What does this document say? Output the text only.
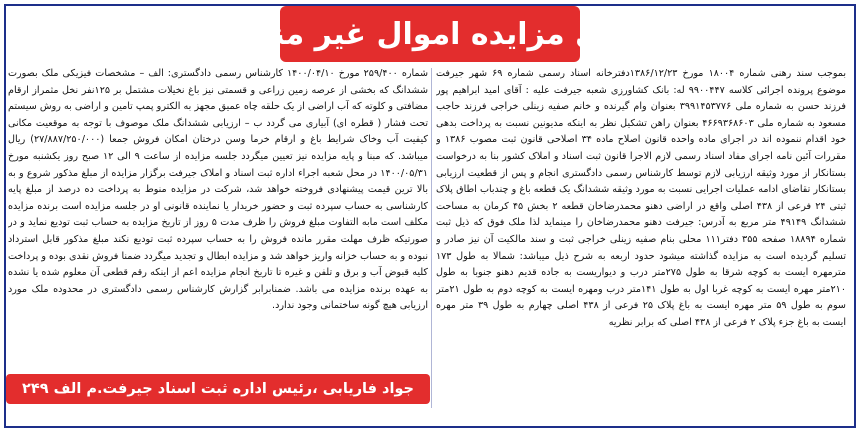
اگهی مزایده اموال غیر منقول
بموجب سند رهنی شماره ۱۸۰۰۴ مورخ ۱۳۸۶/۱۲/۲۳دفترخانه اسناد رسمی شماره ۶۹ شهر جیرفت موضوع پرونده اجرائی کلاسه ۹۹۰۰۴۴۷ له: بانک کشاورزی شعبه جیرفت علیه : آقای امید ابراهیم پور فرزند حسن به شماره ملی ۳۹۹۱۴۵۳۷۷۶ بعنوان وام گیرنده و خانم صفیه زینلی خراجی فرزند حاجب مسعود به شماره ملی ۴۶۶۹۳۶۸۶۰۳ بعنوان راهن تشکیل نظر به اینکه مدیونین نسبت به پرداخت بدهی خود اقدام ننموده اند در اجرای ماده واحده قانون اصلاح ماده ۳۴ اصلاحی قانون ثبت مصوب ۱۳۸۶ و مقررات آئین نامه اجرای مفاد اسناد رسمی لازم الاجرا قانون ثبت اسناد و املاک کشور بنا به درخواست بستانکار از مورد وثیقه ارزیابی لازم توسط کارشناس رسمی دادگستری انجام و پس از قطعیت ارزیابی بستانکار تقاضای ادامه عملیات اجرایی نسبت به مورد وثیقه ششدانگ یک قطعه باغ و چندباب اطاق پلاک ثبتی ۲۴ فرعی از ۴۳۸ اصلی واقع در اراضی دهنو محمدرضاخان قطعه ۲ بخش ۴۵ کرمان به مساحت ششدانگ ۴۹۱۴۹ متر مربع به آدرس: جیرفت دهنو محمدرضاخان را مینماید لذا ملک فوق که ذیل ثبت شماره ۱۸۸۹۴ صفحه ۳۵۵ دفتر۱۱۱ محلی بنام صفیه زینلی خراجی ثبت و سند مالکیت آن نیز صادر و تسلیم گردیده است به مزایده گذاشته میشود حدود اربعه به شرح ذیل میباشد: شمالا به طول ۱۷۳ مترمهره ایست به کوچه شرقا به طول ۲۷۵متر درب و دیواریست به جاده قدیم دهنو جنوبا به طول ۲۱۰متر مهره ایست به کوچه غربا اول به طول ۱۴۱متر درب ومهره ایست به کوچه دوم به طول ۲۱متر سوم به طول ۵۹ متر مهره ایست به باغ پلاک ۲۵ فرعی از ۴۳۸ اصلی چهارم به طول ۳۹ متر مهره ایست به باغ جزء پلاک ۲ فرعی از ۴۳۸ اصلی که برابر نظریه
شماره ۲۵۹/۴۰۰ مورخ ۱۴۰۰/۰۴/۱۰ کارشناس رسمی دادگستری: الف – مشخصات فیزیکی ملک بصورت ششدانگ که بخشی از عرصه زمین زراعی و قسمتی نیز باغ نخیلات مشتمل بر ۱۲۵نفر نخل مثمراز ارقام مضافتی و کلوته که آب اراضی از یک حلقه چاه عمیق مجهز به الکترو پمپ تامین و اراضی به روش سیستم تحت فشار ( قطره ای) آبیاری می گردد ب – ارزیابی ششدانگ ملک موصوف با توجه به موقعیت مکانی کیفیت آب وخاک شرایط باغ و ارقام خرما وسن درختان امکان فروش جمعا (۲۷/۸۸۷/۲۵۰/۰۰۰) ریال میباشد. که مبنا و پایه مزایده نیز تعیین میگردد جلسه مزایده از ساعت ۹ الی ۱۲ صبح روز یکشنبه مورخ ۱۴۰۰/۰۵/۳۱ در محل شعبه اجراء اداره ثبت اسناد و املاک جیرفت برگزار مزایده از مبلغ مذکور شروع و به بالا ترین قیمت پیشنهادی فروخته خواهد شد، شرکت در مزایده منوط به پرداخت ده درصد از مبلغ پایه کارشناسی به حساب سپرده ثبت و حضور خریدار یا نماینده قانونی او در جلسه مزایده است برنده مزایده مکلف است مابه التفاوت مبلغ فروش را ظرف مدت ۵ روز از تاریخ مزایده به حساب ثبت تودیع نماید و در صورتیکه ظرف مهلت مقرر مانده فروش را به حساب سپرده ثبت تودیع نکند مبلغ مذکور قابل استرداد نبوده و به حساب خزانه واریز خواهد شد و مزایده ابطال و تجدید میگردد ضمنا فروش نقدی بوده و پرداخت کلیه قبوض آب و برق و تلفن و غیره تا تاریخ انجام مزایده اعم از اینکه رقم قطعی آن معلوم شده یا نشده به عهده برنده مزایده می باشد. ضمنابرابر گزارش کارشناس رسمی دادگستری در محدوده ملک مورد ارزیابی هیچ گونه ساختمانی وجود ندارد.
جواد فاریابی ،رئیس اداره ثبت اسناد جیرفت.م الف ۲۴۹
